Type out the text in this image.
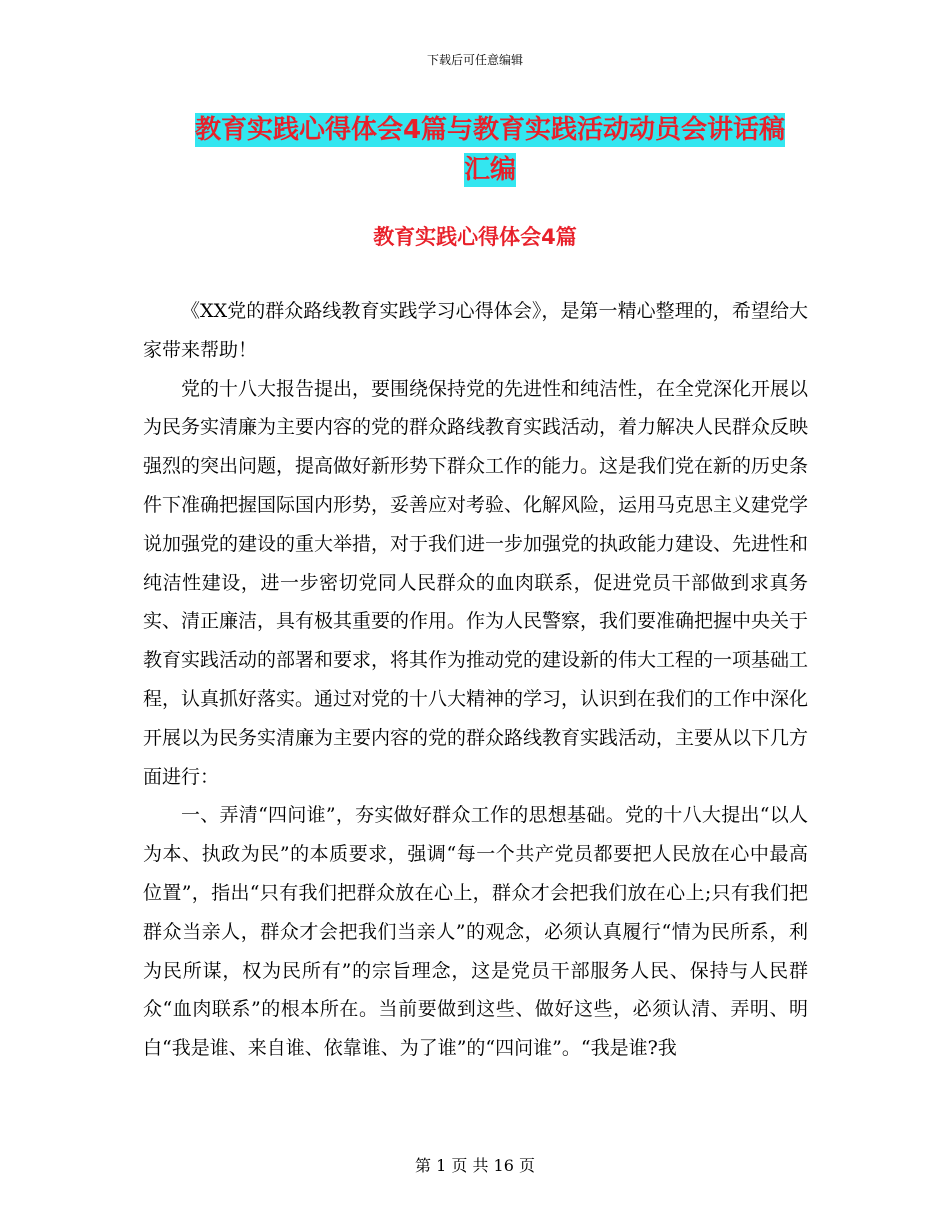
下载后可任意编辑
教育实践心得体会4篇与教育实践活动动员会讲话稿
汇编
教育实践心得体会4篇

《XX党的群众路线教育实践学习心得体会》，是第一精心整理的，希望给大家带来帮助！

党的十八大报告提出，要围绕保持党的先进性和纯洁性，在全党深化开展以为民务实清廉为主要内容的党的群众路线教育实践活动，着力解决人民群众反映强烈的突出问题，提高做好新形势下群众工作的能力。这是我们党在新的历史条件下准确把握国际国内形势，妥善应对考验、化解风险，运用马克思主义建党学说加强党的建设的重大举措，对于我们进一步加强党的执政能力建设、先进性和纯洁性建设，进一步密切党同人民群众的血肉联系，促进党员干部做到求真务实、清正廉洁，具有极其重要的作用。作为人民警察，我们要准确把握中央关于教育实践活动的部署和要求，将其作为推动党的建设新的伟大工程的一项基础工程，认真抓好落实。通过对党的十八大精神的学习，认识到在我们的工作中深化开展以为民务实清廉为主要内容的党的群众路线教育实践活动，主要从以下几方面进行：

一、弄清“四问谁”，夯实做好群众工作的思想基础。党的十八大提出“以人为本、执政为民”的本质要求，强调“每一个共产党员都要把人民放在心中最高位置”，指出“只有我们把群众放在心上，群众才会把我们放在心上;只有我们把群众当亲人，群众才会把我们当亲人”的观念，必须认真履行“情为民所系，利为民所谋，权为民所有”的宗旨理念，这是党员干部服务人民、保持与人民群众“血肉联系”的根本所在。当前要做到这些、做好这些，必须认清、弄明、明白“我是谁、来自谁、依靠谁、为了谁”的“四问谁”。“我是谁?我

第 1 页 共 16 页
